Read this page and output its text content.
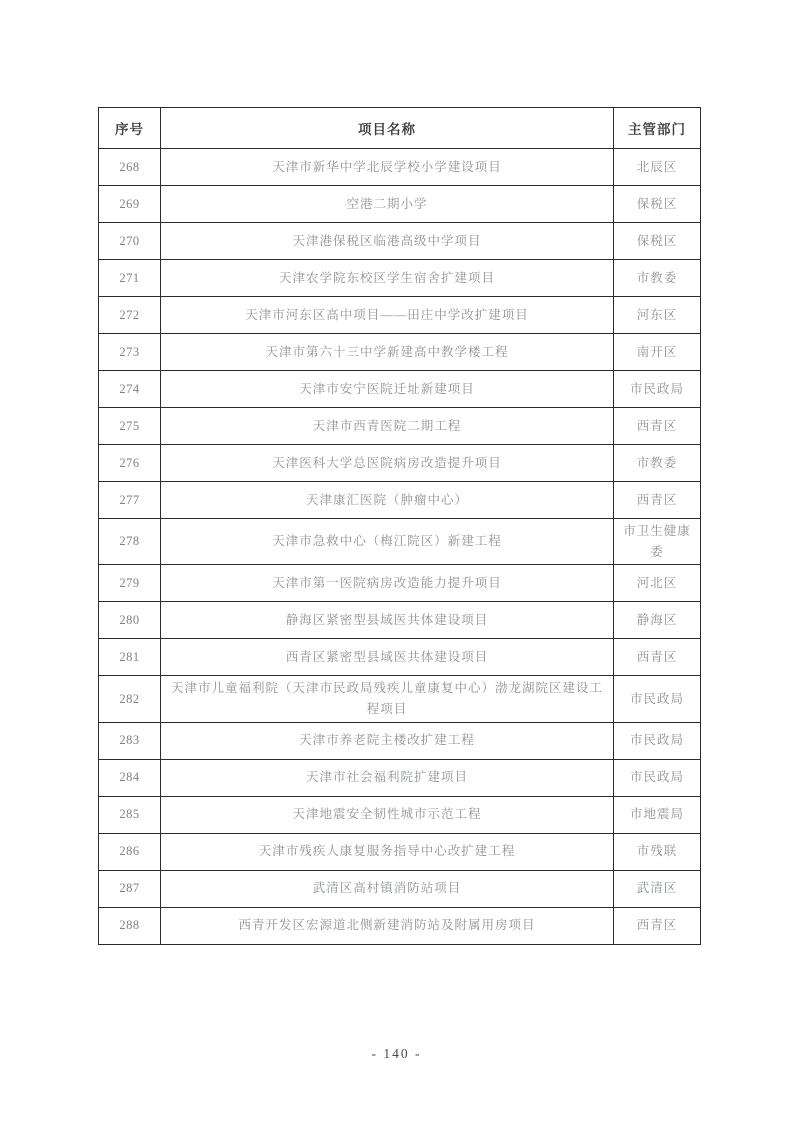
序号	项目名称	主管部门
268	天津市新华中学北辰学校小学建设项目	北辰区
269	空港二期小学	保税区
270	天津港保税区临港高级中学项目	保税区
271	天津农学院东校区学生宿舍扩建项目	市教委
272	天津市河东区高中项目——田庄中学改扩建项目	河东区
273	天津市第六十三中学新建高中教学楼工程	南开区
274	天津市安宁医院迁址新建项目	市民政局
275	天津市西青医院二期工程	西青区
276	天津医科大学总医院病房改造提升项目	市教委
277	天津康汇医院（肿瘤中心）	西青区
278	天津市急救中心（梅江院区）新建工程	市卫生健康委
279	天津市第一医院病房改造能力提升项目	河北区
280	静海区紧密型县域医共体建设项目	静海区
281	西青区紧密型县域医共体建设项目	西青区
282	天津市儿童福利院（天津市民政局残疾儿童康复中心）渤龙湖院区建设工程项目	市民政局
283	天津市养老院主楼改扩建工程	市民政局
284	天津市社会福利院扩建项目	市民政局
285	天津地震安全韧性城市示范工程	市地震局
286	天津市残疾人康复服务指导中心改扩建工程	市残联
287	武清区高村镇消防站项目	武清区
288	西青开发区宏源道北侧新建消防站及附属用房项目	西青区
- 140 -
